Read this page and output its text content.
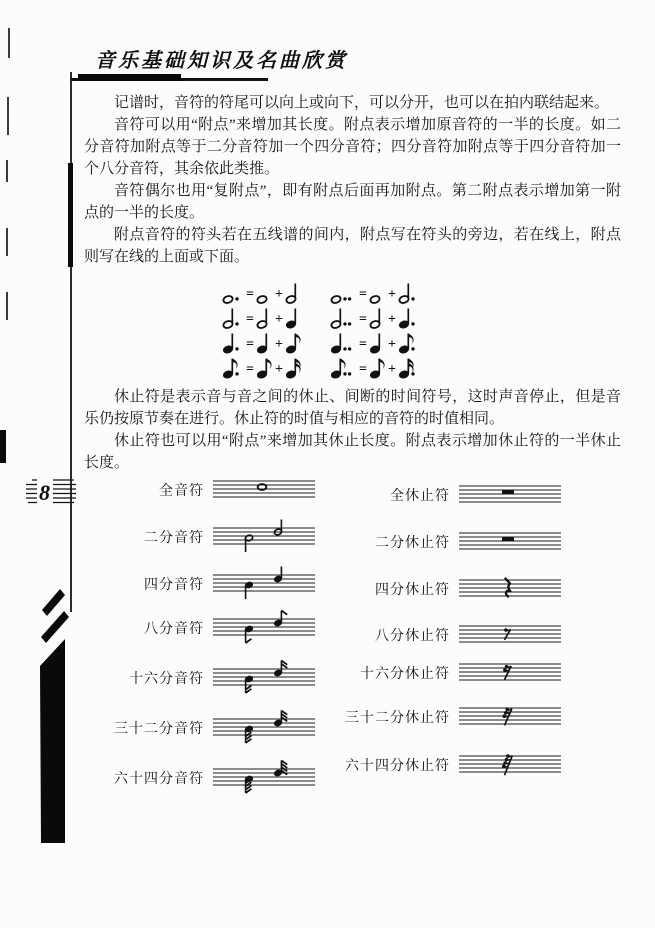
音乐基础知识及名曲欣赏

记谱时，音符的符尾可以向上或向下，可以分开，也可以在拍内联结起来。

音符可以用“附点”来增加其长度。附点表示增加原音符的一半的长度。如二分音符加附点等于二分音符加一个四分音符；四分音符加附点等于四分音符加一个八分音符，其余依此类推。

音符偶尔也用“复附点”，即有附点后面再加附点。第二附点表示增加第一附点的一半的长度。

附点音符的符头若在五线谱的间内，附点写在符头的旁边，若在线上，附点则写在线的上面或下面。

= +
= +
= +
= +
= +
= +
= +
= +

休止符是表示音与音之间的休止、间断的时间符号，这时声音停止，但是音乐仍按原节奏在进行。休止符的时值与相应的音符的时值相同。

休止符也可以用“附点”来增加其休止长度。附点表示增加休止符的一半休止长度。

8	全音符
二分音符
四分音符
八分音符
十六分音符
三十二分音符
六十四分音符
全休止符
二分休止符
四分休止符
八分休止符
十六分休止符
三十二分休止符
六十四分休止符
